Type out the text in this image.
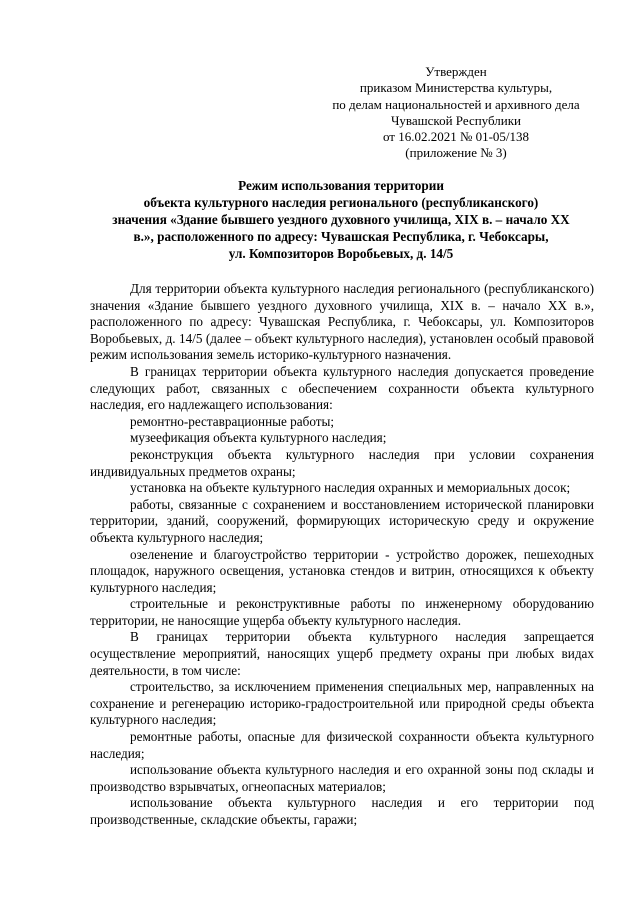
Утвержден
приказом Министерства культуры,
по делам национальностей и архивного дела
Чувашской Республики
от 16.02.2021 № 01-05/138
(приложение № 3)
Режим использования территории
объекта культурного наследия регионального (республиканского)
значения «Здание бывшего уездного духовного училища, XIX в. – начало XX
в.», расположенного по адресу: Чувашская Республика, г. Чебоксары,
ул. Композиторов Воробьевых, д. 14/5

Для территории объекта культурного наследия регионального (республиканского) значения «Здание бывшего уездного духовного училища, XIX в. – начало XX в.», расположенного по адресу: Чувашская Республика, г. Чебоксары, ул. Композиторов Воробьевых, д. 14/5 (далее – объект культурного наследия), установлен особый правовой режим использования земель историко-культурного назначения.

В границах территории объекта культурного наследия допускается проведение следующих работ, связанных с обеспечением сохранности объекта культурного наследия, его надлежащего использования:

ремонтно-реставрационные работы;

музеефикация объекта культурного наследия;

реконструкция объекта культурного наследия при условии сохранения индивидуальных предметов охраны;

установка на объекте культурного наследия охранных и мемориальных досок;

работы, связанные с сохранением и восстановлением исторической планировки территории, зданий, сооружений, формирующих историческую среду и окружение объекта культурного наследия;

озеленение и благоустройство территории - устройство дорожек, пешеходных площадок, наружного освещения, установка стендов и витрин, относящихся к объекту культурного наследия;

строительные и реконструктивные работы по инженерному оборудованию территории, не наносящие ущерба объекту культурного наследия.

В границах территории объекта культурного наследия запрещается осуществление мероприятий, наносящих ущерб предмету охраны при любых видах деятельности, в том числе:

строительство, за исключением применения специальных мер, направленных на сохранение и регенерацию историко-градостроительной или природной среды объекта культурного наследия;

ремонтные работы, опасные для физической сохранности объекта культурного наследия;

использование объекта культурного наследия и его охранной зоны под склады и производство взрывчатых, огнеопасных материалов;

использование объекта культурного наследия и его территории под производственные, складские объекты, гаражи;
